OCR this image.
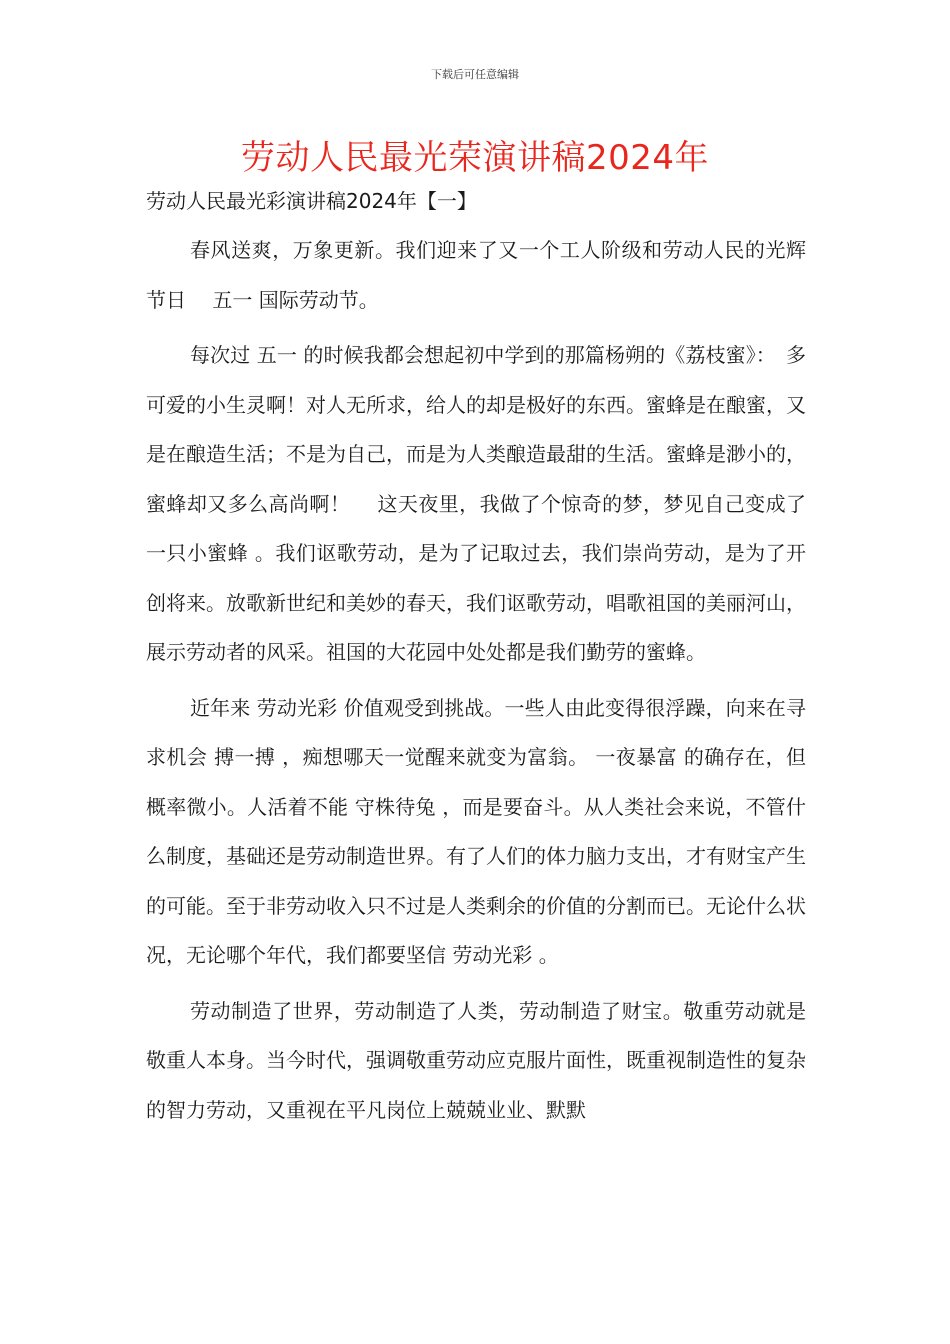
下载后可任意编辑
劳动人民最光荣演讲稿2024年

劳动人民最光彩演讲稿2024年【一】

春风送爽，万象更新。我们迎来了又一个工人阶级和劳动人民的光辉节日　 五一 国际劳动节。

每次过 五一 的时候我都会想起初中学到的那篇杨朔的《荔枝蜜》：　多可爱的小生灵啊！对人无所求，给人的却是极好的东西。蜜蜂是在酿蜜，又是在酿造生活；不是为自己，而是为人类酿造最甜的生活。蜜蜂是渺小的，蜜蜂却又多么高尚啊！　 这天夜里，我做了个惊奇的梦，梦见自己变成了一只小蜜蜂 。我们讴歌劳动，是为了记取过去，我们崇尚劳动，是为了开创将来。放歌新世纪和美妙的春天，我们讴歌劳动，唱歌祖国的美丽河山，展示劳动者的风采。祖国的大花园中处处都是我们勤劳的蜜蜂。

近年来 劳动光彩 价值观受到挑战。一些人由此变得很浮躁，向来在寻求机会 搏一搏 ，痴想哪天一觉醒来就变为富翁。 一夜暴富 的确存在，但概率微小。人活着不能 守株待兔 ，而是要奋斗。从人类社会来说，不管什么制度，基础还是劳动制造世界。有了人们的体力脑力支出，才有财宝产生的可能。至于非劳动收入只不过是人类剩余的价值的分割而已。无论什么状况，无论哪个年代，我们都要坚信 劳动光彩 。

劳动制造了世界，劳动制造了人类，劳动制造了财宝。敬重劳动就是敬重人本身。当今时代，强调敬重劳动应克服片面性，既重视制造性的复杂的智力劳动，又重视在平凡岗位上兢兢业业、默默
